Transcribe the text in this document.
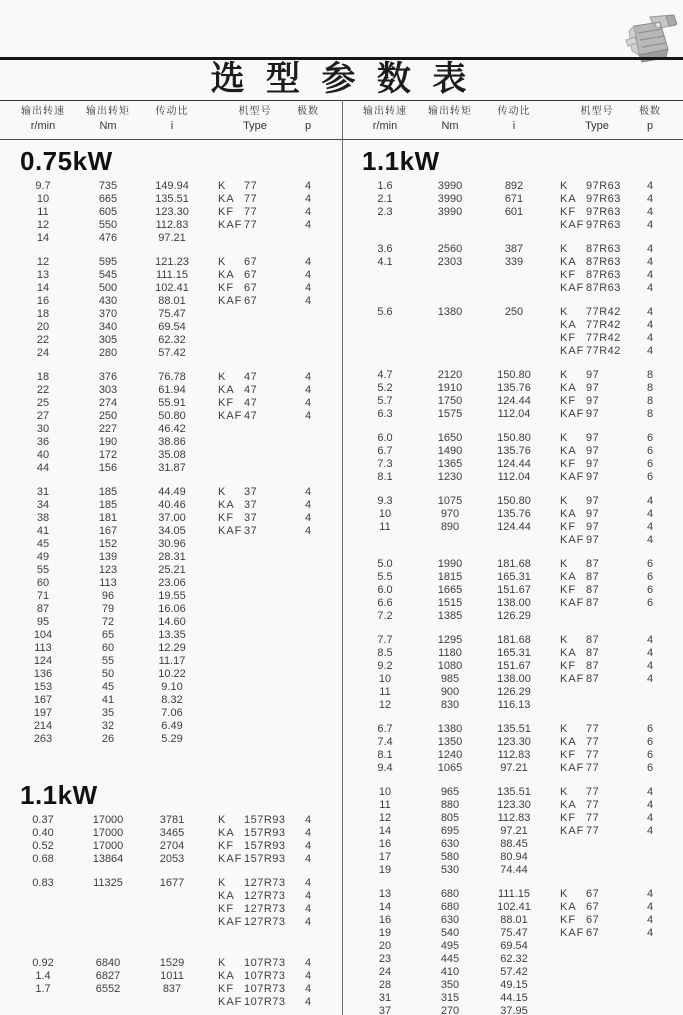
选 型 参 数 表
输出转速
r/min
输出转矩
Nm
传动比
i
机型号
Type
极数
p
输出转速
r/min
输出转矩
Nm
传动比
i
机型号
Type
极数
p
0.75kW
9.7	735	149.94	K	77	4
10	665	135.51	KA 77	4
11	605	123.30	KF 77	4
12	550	112.83	KAF 77	4
14	476	97.21
12	595	121.23	K	67	4
13	545	111.15	KA 67	4
14	500	102.41	KF 67	4
16	430	88.01	KAF 67	4
18	370	75.47
20	340	69.54
22	305	62.32
24	280	57.42
18	376	76.78	K	47	4
22	303	61.94	KA 47	4
25	274	55.91	KF 47	4
27	250	50.80	KAF 47	4
30	227	46.42
36	190	38.86
40	172	35.08
44	156	31.87
31	185	44.49	K	37	4
34	185	40.46	KA 37	4
38	181	37.00	KF 37	4
41	167	34.05	KAF 37	4
45	152	30.96
49	139	28.31
55	123	25.21
60	113	23.06
71	96	19.55
87	79	16.06
95	72	14.60
104	65	13.35
113	60	12.29
124	55	11.17
136	50	10.22
153	45	9.10
167	41	8.32
197	35	7.06
214	32	6.49
263	26	5.29
1.1kW
0.37	17000	3781	K	157R93	4
0.40	17000	3465	KA 157R93	4
0.52	17000	2704	KF 157R93	4
0.68	13864	2053	KAF 157R93	4
0.83	11325	1677	K	127R73	4
KA 127R73	4
KF 127R73	4
KAF 127R73	4
0.92	6840	1529	K	107R73	4
1.4	6827	1011	KA 107R73	4
1.7	6552	837	KF 107R73	4
KAF 107R73	4
1.1kW
1.6	3990	892	K	97R63	4
2.1	3990	671	KA 97R63	4
2.3	3990	601	KF 97R63	4
KAF 97R63	4
3.6	2560	387	K	87R63	4
4.1	2303	339	KA 87R63	4
KF 87R63	4
KAF 87R63	4
5.6	1380	250	K	77R42	4
KA 77R42	4
KF 77R42	4
KAF 77R42	4
4.7	2120	150.80	K	97	8
5.2	1910	135.76	KA 97	8
5.7	1750	124.44	KF 97	8
6.3	1575	112.04	KAF 97	8
6.0	1650	150.80	K	97	6
6.7	1490	135.76	KA 97	6
7.3	1365	124.44	KF 97	6
8.1	1230	112.04	KAF 97	6
9.3	1075	150.80	K	97	4
10	970	135.76	KA 97	4
11	890	124.44	KF 97	4
KAF 97	4
5.0	1990	181.68	K	87	6
5.5	1815	165.31	KA 87	6
6.0	1665	151.67	KF 87	6
6.6	1515	138.00	KAF 87	6
7.2	1385	126.29
7.7	1295	181.68	K	87	4
8.5	1180	165.31	KA 87	4
9.2	1080	151.67	KF 87	4
10	985	138.00	KAF 87	4
11	900	126.29
12	830	116.13
6.7	1380	135.51	K	77	6
7.4	1350	123.30	KA 77	6
8.1	1240	112.83	KF 77	6
9.4	1065	97.21	KAF 77	6
10	965	135.51	K	77	4
11	880	123.30	KA 77	4
12	805	112.83	KF 77	4
14	695	97.21	KAF 77	4
16	630	88.45
17	580	80.94
19	530	74.44
13	680	111.15	K	67	4
14	680	102.41	KA 67	4
16	630	88.01	KF 67	4
19	540	75.47	KAF 67	4
20	495	69.54
23	445	62.32
24	410	57.42
28	350	49.15
31	315	44.15
37	270	37.95
